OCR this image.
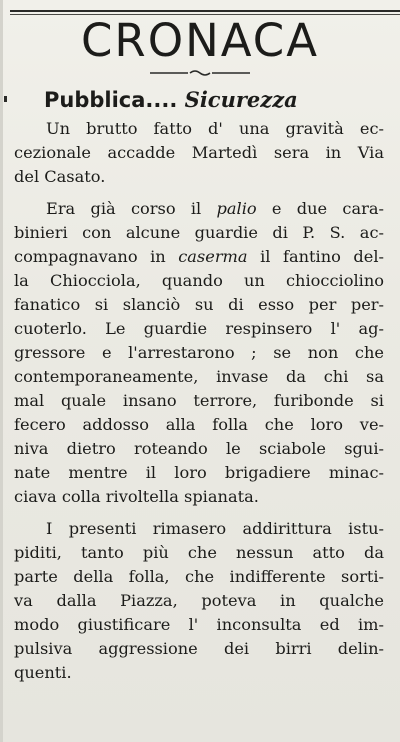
CRONACA
Pubblica.... Sicurezza

Un brutto fatto d' una gravità ec-

cezionale accadde Martedì sera in Via

del Casato.

Era già corso il palio e due cara-

binieri con alcune guardie di P. S. ac-

compagnavano in caserma il fantino del-

la Chiocciola, quando un chiocciolino

fanatico si slanciò su di esso per per-

cuoterlo. Le guardie respinsero l' ag-

gressore e l'arrestarono ; se non che

contemporaneamente, invase da chi sa

mal quale insano terrore, furibonde si

fecero addosso alla folla che loro ve-

niva dietro roteando le sciabole sgui-

nate mentre il loro brigadiere minac-

ciava colla rivoltella spianata.

I presenti rimasero addirittura istu-

piditi, tanto più che nessun atto da

parte della folla, che indifferente sorti-

va dalla Piazza, poteva in qualche

modo giustificare l' inconsulta ed im-

pulsiva aggressione dei birri delin-

quenti.
